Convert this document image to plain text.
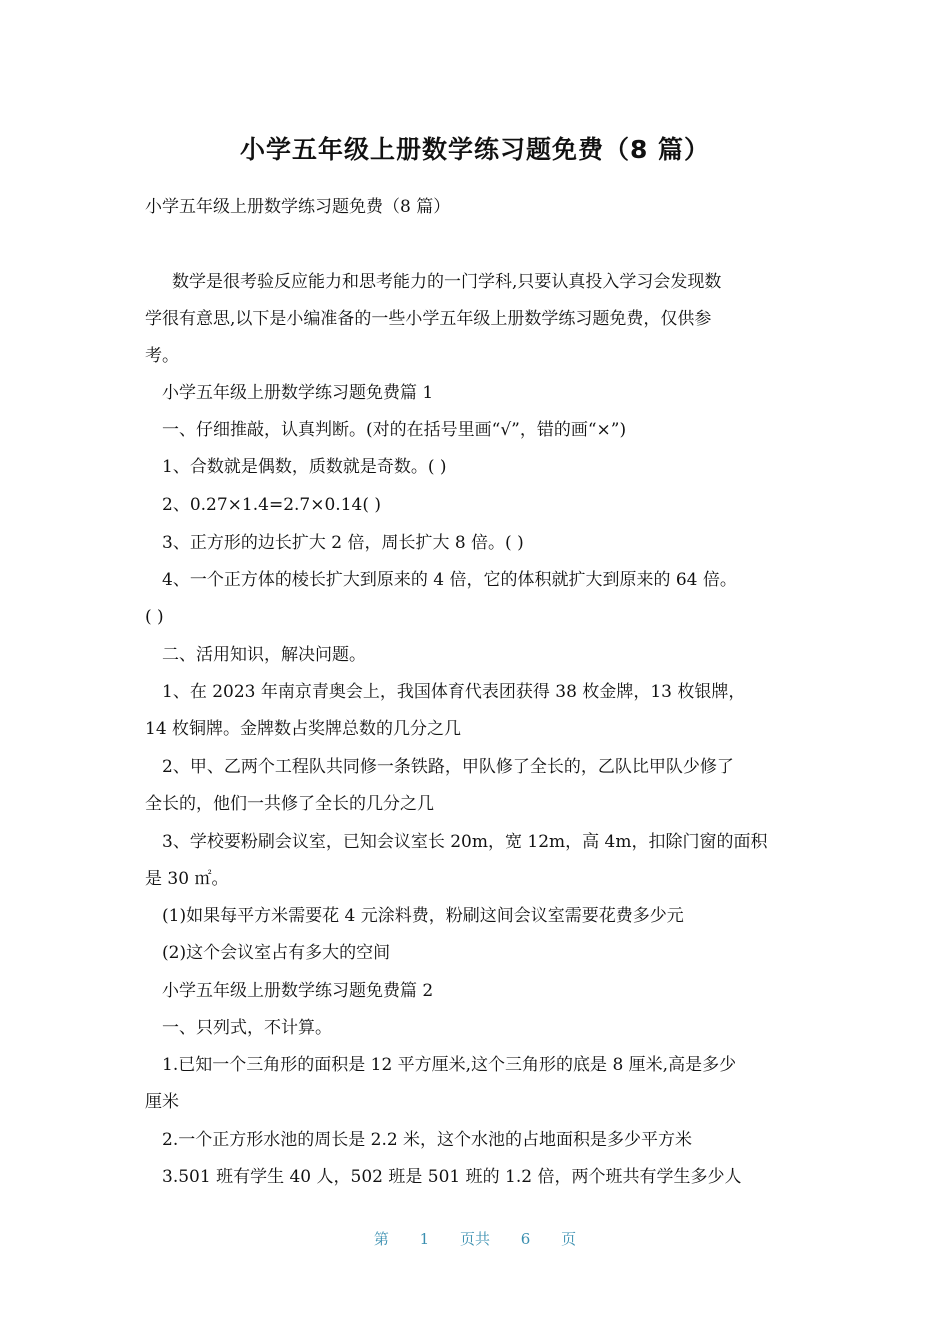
小学五年级上册数学练习题免费（8 篇）
小学五年级上册数学练习题免费（8 篇）
数学是很考验反应能力和思考能力的一门学科,只要认真投入学习会发现数
学很有意思,以下是小编准备的一些小学五年级上册数学练习题免费，仅供参
考。
小学五年级上册数学练习题免费篇 1
一、仔细推敲，认真判断。(对的在括号里画“√”，错的画“×”)
1、合数就是偶数，质数就是奇数。( )
2、0.27×1.4=2.7×0.14( )
3、正方形的边长扩大 2 倍，周长扩大 8 倍。( )
4、一个正方体的棱长扩大到原来的 4 倍，它的体积就扩大到原来的 64 倍。
( )
二、活用知识，解决问题。
1、在 2023 年南京青奥会上，我国体育代表团获得 38 枚金牌，13 枚银牌，
14 枚铜牌。金牌数占奖牌总数的几分之几
2、甲、乙两个工程队共同修一条铁路，甲队修了全长的，乙队比甲队少修了
全长的，他们一共修了全长的几分之几
3、学校要粉刷会议室，已知会议室长 20m，宽 12m，高 4m，扣除门窗的面积
是 30 ㎡。
(1)如果每平方米需要花 4 元涂料费，粉刷这间会议室需要花费多少元
(2)这个会议室占有多大的空间
小学五年级上册数学练习题免费篇 2
一、只列式，不计算。
1.已知一个三角形的面积是 12 平方厘米,这个三角形的底是 8 厘米,高是多少
厘米
2.一个正方形水池的周长是 2.2 米，这个水池的占地面积是多少平方米
3.501 班有学生 40 人，502 班是 501 班的 1.2 倍，两个班共有学生多少人
第 1 页共 6 页
